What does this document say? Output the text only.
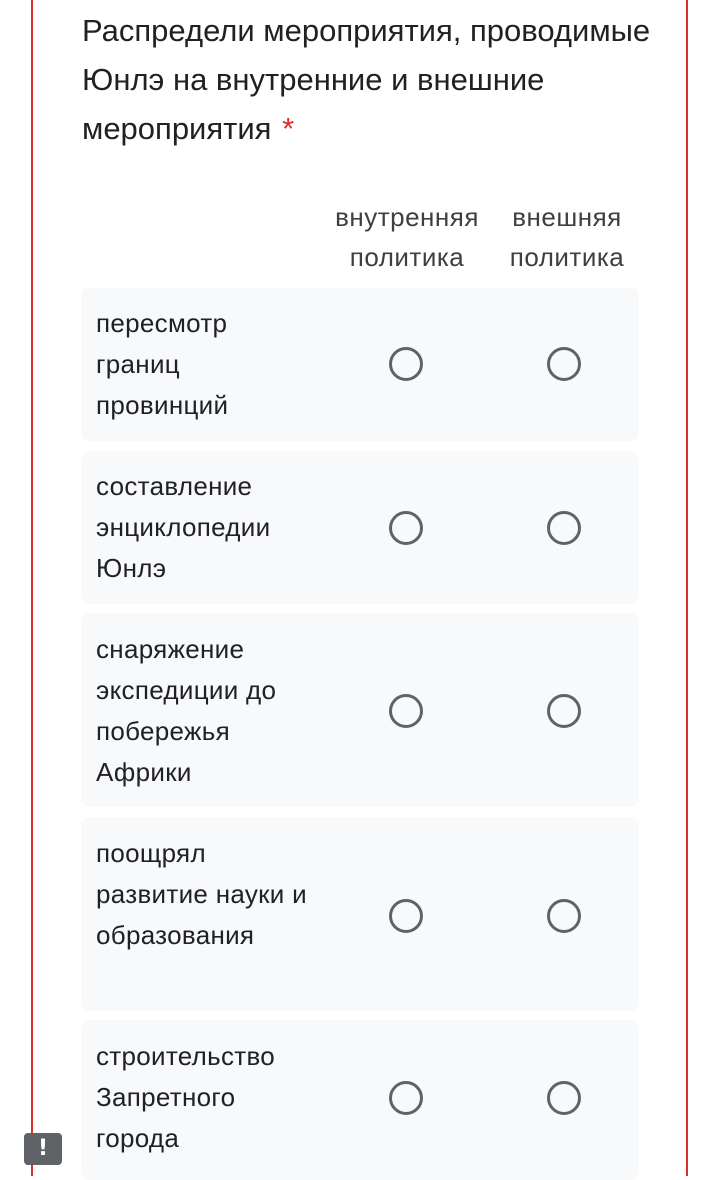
Распредели мероприятия, проводимые Юнлэ на внутренние и внешние мероприятия *
внутренняя политика
внешняя политика
пересмотр границ провинций
составление энциклопедии Юнлэ
снаряжение экспедиции до побережья Африки
поощрял развитие науки и образования
строительство Запретного города
!
